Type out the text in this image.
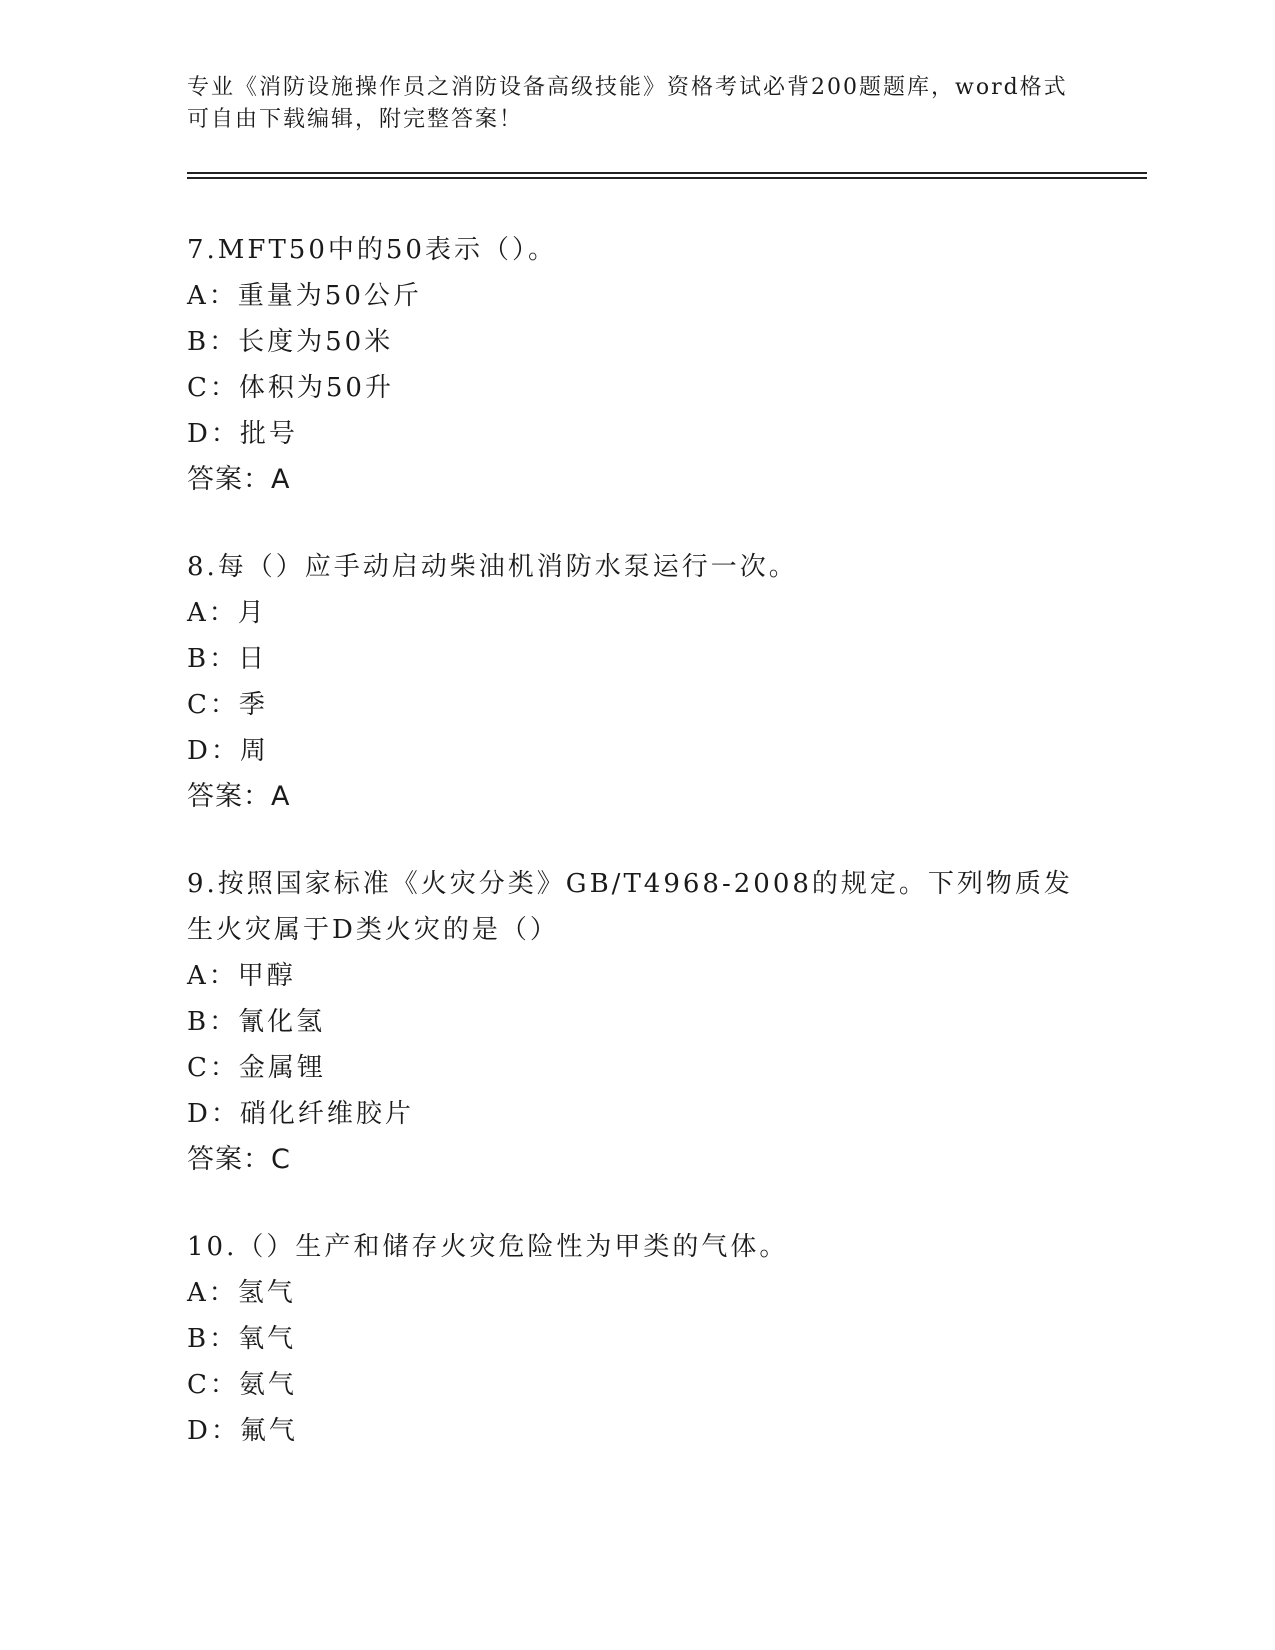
专业《消防设施操作员之消防设备高级技能》资格考试必背200题题库，word格式可自由下载编辑，附完整答案！

7.MFT50中的50表示（）。

A：重量为50公斤

B：长度为50米

C：体积为50升

D：批号

答案：A

8.每（）应手动启动柴油机消防水泵运行一次。

A：月

B：日

C：季

D：周

答案：A

9.按照国家标准《火灾分类》GB/T4968-2008的规定。下列物质发生火灾属于D类火灾的是（）

A：甲醇

B：氰化氢

C：金属锂

D：硝化纤维胶片

答案：C

10.（）生产和储存火灾危险性为甲类的气体。

A：氢气

B：氧气

C：氨气

D：氟气
